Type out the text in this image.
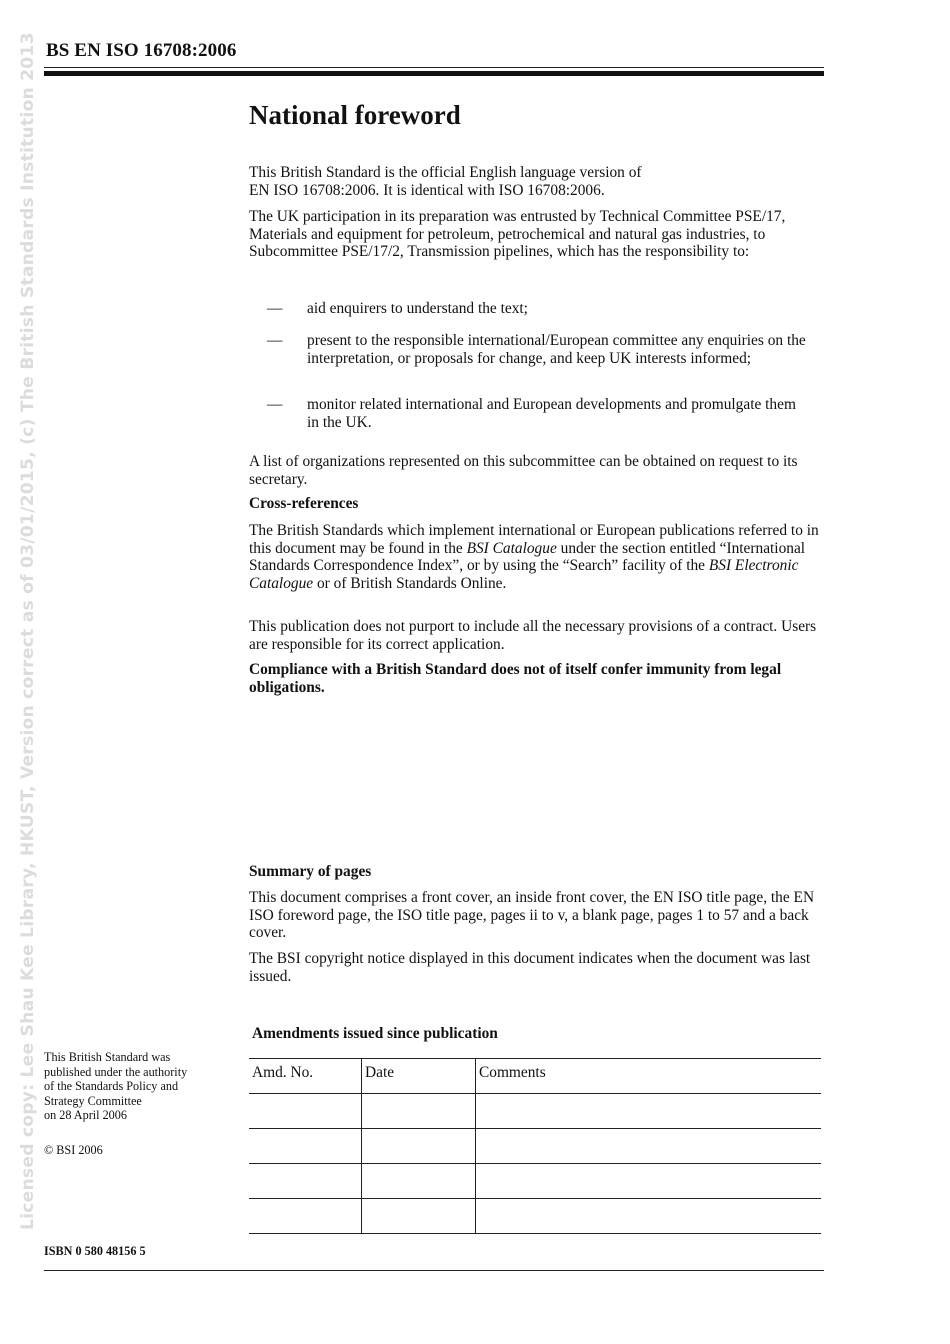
BS EN ISO 16708:2006
Licensed copy: Lee Shau Kee Library, HKUST, Version correct as of 03/01/2015, (c) The British Standards Institution 2013	National foreword
This British Standard is the official English language version of
EN ISO 16708:2006. It is identical with ISO 16708:2006.

The UK participation in its preparation was entrusted by Technical Committee PSE/17, Materials and equipment for petroleum, petrochemical and natural gas industries, to Subcommittee PSE/17/2, Transmission pipelines, which has the responsibility to:

— aid enquirers to understand the text;
— present to the responsible international/European committee any enquiries on the interpretation, or proposals for change, and keep UK interests informed;
— monitor related international and European developments and promulgate them in the UK.

A list of organizations represented on this subcommittee can be obtained on request to its secretary.

Cross-references

The British Standards which implement international or European publications referred to in this document may be found in the BSI Catalogue under the section entitled “International Standards Correspondence Index”, or by using the “Search” facility of the BSI Electronic Catalogue or of British Standards Online.

This publication does not purport to include all the necessary provisions of a contract. Users are responsible for its correct application.

Compliance with a British Standard does not of itself confer immunity from legal obligations.

Summary of pages

This document comprises a front cover, an inside front cover, the EN ISO title page, the EN ISO foreword page, the ISO title page, pages ii to v, a blank page, pages 1 to 57 and a back cover.

The BSI copyright notice displayed in this document indicates when the document was last issued.

This British Standard was
published under the authority
of the Standards Policy and
Strategy Committee
on 28 April 2006
© BSI 2006
ISBN 0 580 48156 5
Amendments issued since publication
Amd. No.	Date	Comments
